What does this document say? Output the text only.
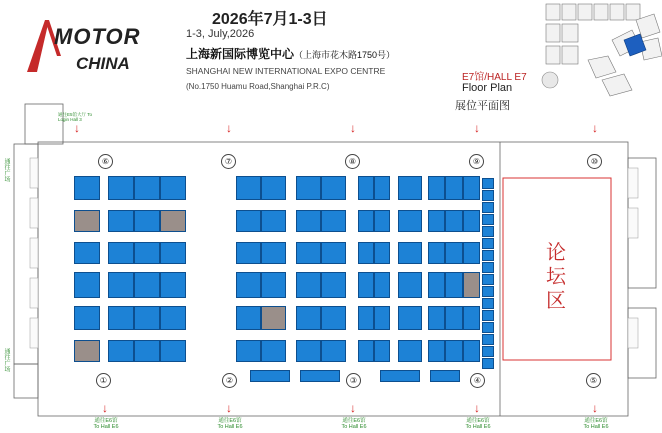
MOTOR
CHINA
2026年7月1-3日
1-3, July,2026
上海新国际博览中心（上海市花木路1750号）
SHANGHAI NEW INTERNATIONAL EXPO CENTRE
(No.1750 Huamu Road,Shanghai P.R.C)
E7馆/HALL E7
Floor Plan
展位平面图
论
坛
区
通往广场
通往广场
通往E5馆大厅 To Login Hall 3
↓
⑥
↓
⑦
↓
⑧
↓
⑨
↓
⑩
①	②	③	④	⑤
↓	↓	↓	↓	↓
通往E6馆
To Hall E6
通往E6馆
To Hall E6
通往E6馆
To Hall E6
通往E6馆
To Hall E6
通往E6馆
To Hall E6
